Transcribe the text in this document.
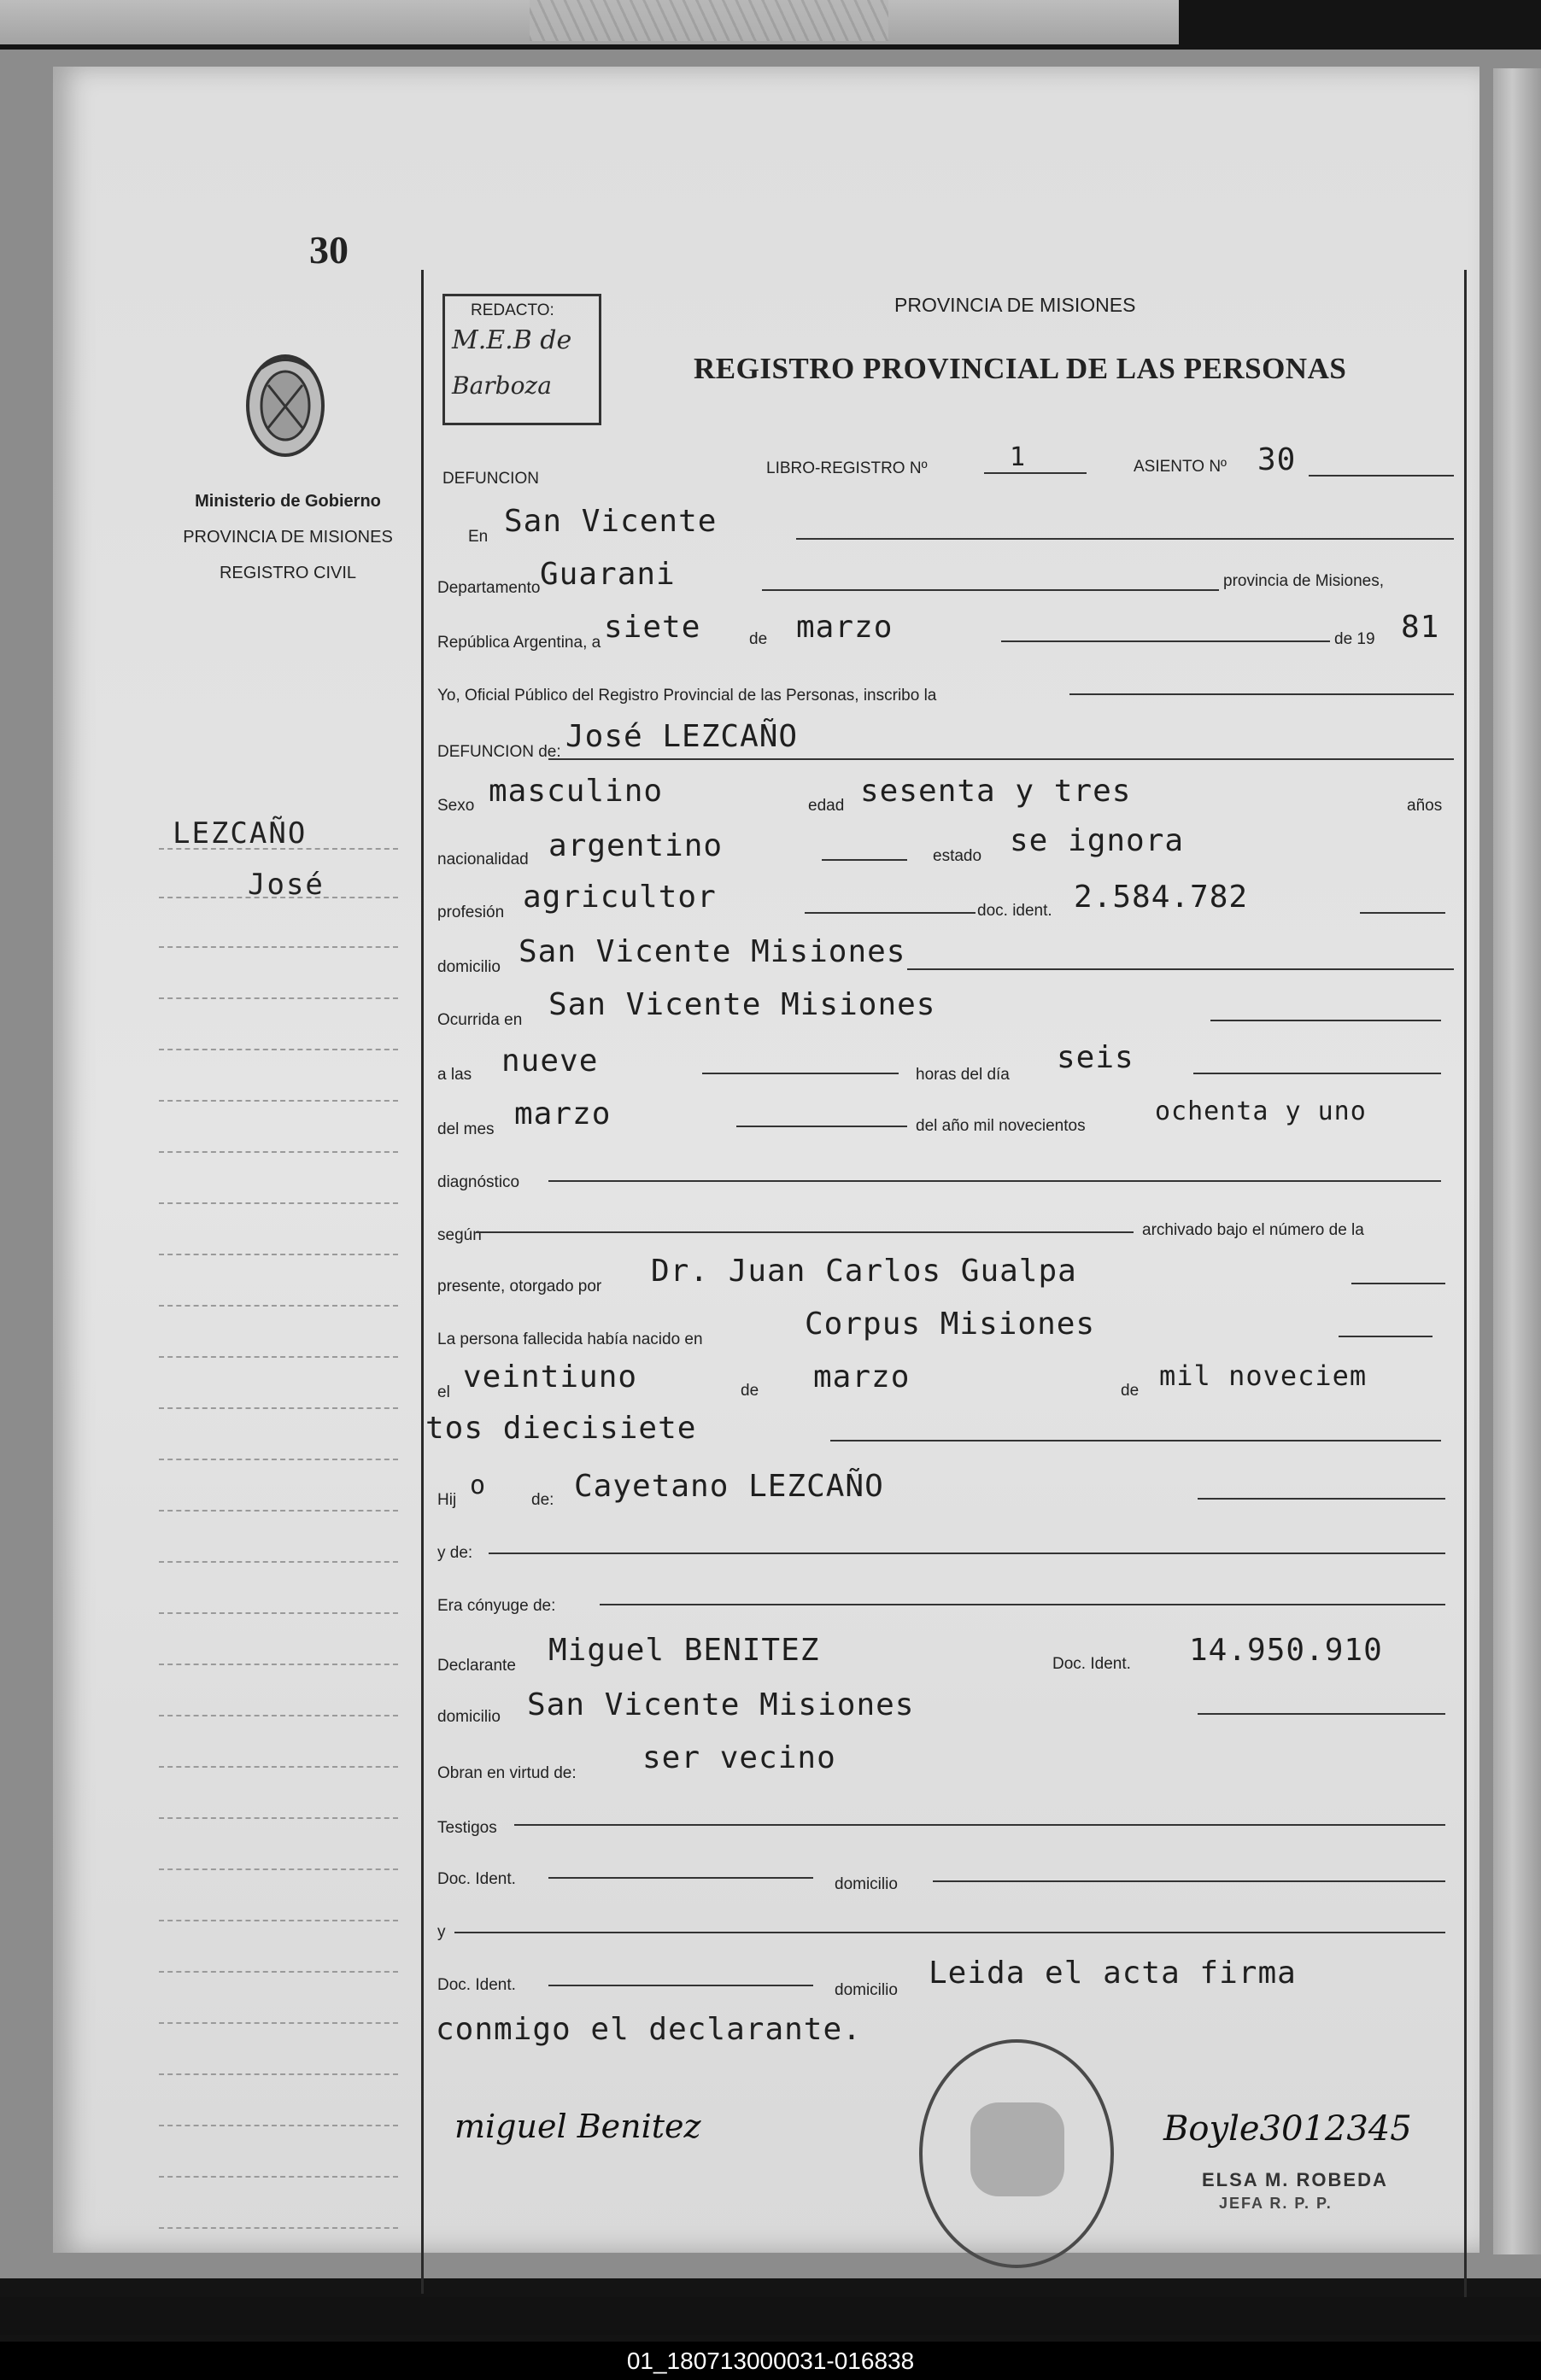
30
Ministerio de Gobierno
PROVINCIA DE MISIONES
REGISTRO CIVIL
LEZCAÑO
José
REDACTO:
M.E.B de
Barboza
PROVINCIA DE MISIONES
REGISTRO PROVINCIAL DE LAS PERSONAS
DEFUNCION
LIBRO-REGISTRO Nº	1	ASIENTO Nº 30
En San Vicente
Departamento Guarani	provincia de Misiones,
República Argentina, a siete	de marzo	de 19 81
Yo, Oficial Público del Registro Provincial de las Personas, inscribo la
DEFUNCION de: José LEZCAÑO
Sexo masculino	edad sesenta y tres	años
nacionalidad argentino	estado se ignora
profesión agricultor	doc. ident. 2.584.782
domicilio San Vicente Misiones
Ocurrida en San Vicente Misiones
a las nueve	horas del día seis
del mes marzo	del año mil novecientos	ochenta y uno
diagnóstico
según	archivado bajo el número de la
presente, otorgado por Dr. Juan Carlos Gualpa
La persona fallecida había nacido en	Corpus Misiones
el veintiuno	de marzo	de mil noveciem
tos diecisiete
Hij o	de: Cayetano LEZCAÑO
y de:
Era cónyuge de:
Declarante Miguel BENITEZ	Doc. Ident. 14.950.910
domicilio San Vicente Misiones
Obran en virtud de: ser vecino
Testigos
Doc. Ident.	domicilio
y
Doc. Ident.	domicilio Leida el acta firma
conmigo el declarante.
miguel Benitez	Boyle3012345
ELSA M. ROBEDA
JEFA R. P. P.
01_180713000031-016838
